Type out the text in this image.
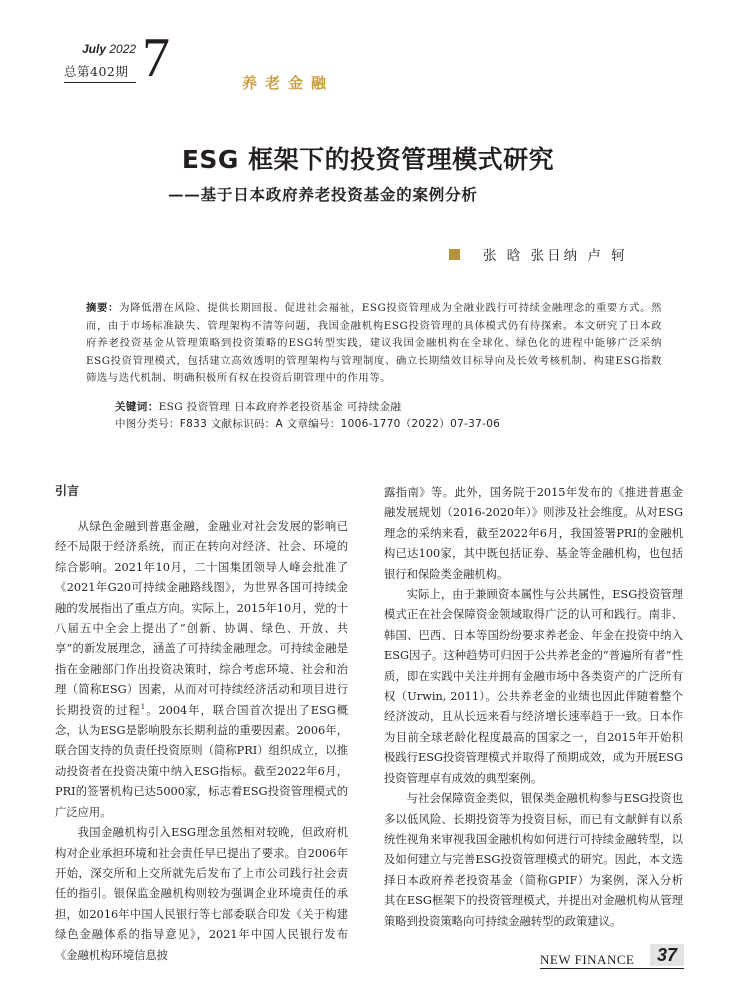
July 2022
总第402期 7	养老金融
ESG 框架下的投资管理模式研究
——基于日本政府养老投资基金的案例分析
张 晗 张日纳 卢 轲
摘要：为降低潜在风险、提供长期回报、促进社会福祉，ESG投资管理成为全融业践行可持续金融理念的重要方式。然而，由于市场标准缺失、管理架构不清等问题，我国金融机构ESG投资管理的具体模式仍有待探索。本文研究了日本政府养老投资基金从管理策略到投资策略的ESG转型实践，建议我国金融机构在全球化、绿色化的进程中能够广泛采纳ESG投资管理模式，包括建立高效透明的管理架构与管理制度、确立长期绩效目标导向及长效考核机制、构建ESG指数筛选与迭代机制、明确积极所有权在投资后期管理中的作用等。
关键词：ESG 投资管理 日本政府养老投资基金 可持续金融
中图分类号：F833 文献标识码：A 文章编号：1006-1770（2022）07-37-06
引言

从绿色金融到普惠金融，金融业对社会发展的影响已经不局限于经济系统，而正在转向对经济、社会、环境的综合影响。2021年10月，二十国集团领导人峰会批准了《2021年G20可持续金融路线图》，为世界各国可持续金融的发展指出了重点方向。实际上，2015年10月，党的十八届五中全会上提出了“创新、协调、绿色、开放、共享”的新发展理念，涵盖了可持续金融理念。可持续金融是指在金融部门作出投资决策时，综合考虑环境、社会和治理（简称ESG）因素，从而对可持续经济活动和项目进行长期投资的过程$^1$。2004年，联合国首次提出了ESG概念，认为ESG是影响股东长期利益的重要因素。2006年，联合国支持的负责任投资原则（简称PRI）组织成立，以推动投资者在投资决策中纳入ESG指标。截至2022年6月，PRI的签署机构已达5000家，标志着ESG投资管理模式的广泛应用。

我国金融机构引入ESG理念虽然相对较晚，但政府机构对企业承担环境和社会责任早已提出了要求。自2006年开始，深交所和上交所就先后发布了上市公司践行社会责任的指引。银保监金融机构则较为强调企业环境责任的承担，如2016年中国人民银行等七部委联合印发《关于构建绿色金融体系的指导意见》，2021年中国人民银行发布《金融机构环境信息披

露指南》等。此外，国务院于2015年发布的《推进普惠金融发展规划（2016-2020年）》则涉及社会维度。从对ESG理念的采纳来看，截至2022年6月，我国签署PRI的金融机构已达100家，其中既包括证券、基金等金融机构，也包括银行和保险类金融机构。

实际上，由于兼顾资本属性与公共属性，ESG投资管理模式正在社会保障资金领域取得广泛的认可和践行。南非、韩国、巴西、日本等国纷纷要求养老金、年金在投资中纳入ESG因子。这种趋势可归因于公共养老金的“普遍所有者”性质，即在实践中关注并拥有金融市场中各类资产的广泛所有权（Urwin, 2011）。公共养老金的业绩也因此伴随着整个经济波动，且从长远来看与经济增长速率趋于一致。日本作为目前全球老龄化程度最高的国家之一，自2015年开始积极践行ESG投资管理模式并取得了预期成效，成为开展ESG投资管理卓有成效的典型案例。

与社会保障资金类似，银保类金融机构参与ESG投资也多以低风险、长期投资等为投资目标，而已有文献鲜有以系统性视角来审视我国金融机构如何进行可持续金融转型，以及如何建立与完善ESG投资管理模式的研究。因此，本文选择日本政府养老投资基金（简称GPIF）为案例，深入分析其在ESG框架下的投资管理模式，并提出对金融机构从管理策略到投资策略向可持续金融转型的政策建议。

NEW FINANCE	37
